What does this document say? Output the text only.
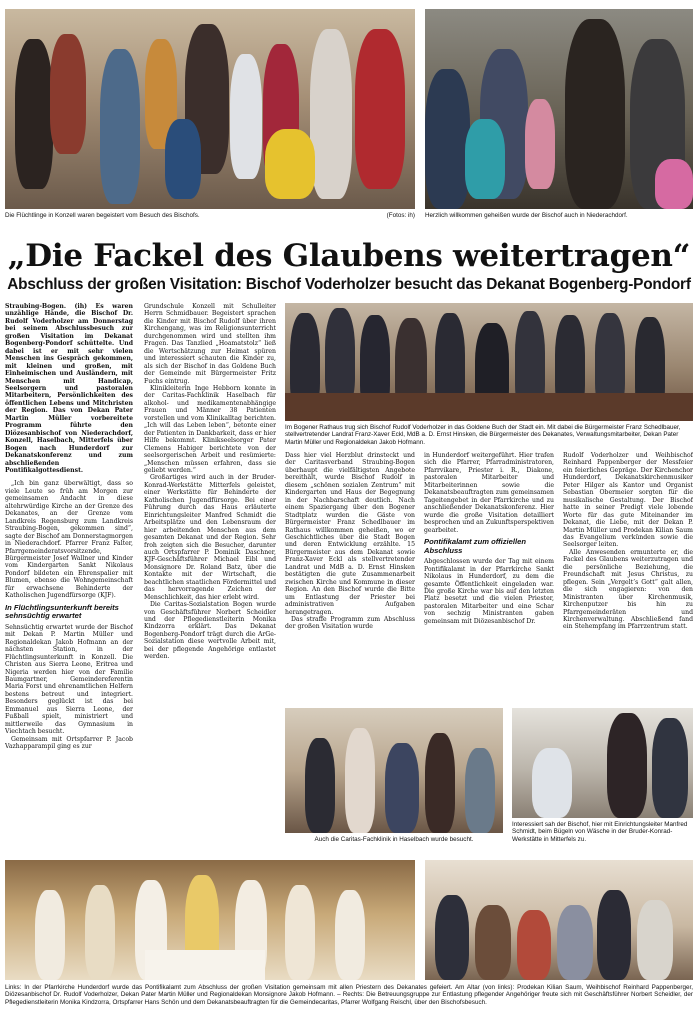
Die Flüchtlinge in Konzell waren begeistert vom Besuch des Bischofs.	(Fotos: ih) Herzlich willkommen geheißen wurde der Bischof auch in Niederachdorf.
„Die Fackel des Glaubens weitertragen“
Abschluss der großen Visitation: Bischof Voderholzer besucht das Dekanat Bogenberg-Pondorf

Straubing-Bogen. (ih) Es waren unzählige Hände, die Bischof Dr. Rudolf Voderholzer am Donnerstag bei seinem Abschlussbesuch zur großen Visitation im Dekanat Bogenberg-Pondorf schüttelte. Und dabei ist er mit sehr vielen Menschen ins Gespräch gekommen, mit kleinen und großen, mit Einheimischen und Ausländern, mit Menschen mit Handicap, Seelsorgern und pastoralen Mitarbeitern, Persönlichkeiten des öffentlichen Lebens und Mitchristen der Region. Das von Dekan Pater Martin Müller vorbereitete Programm führte den Diözesanbischof von Niederachdorf, Konzell, Haselbach, Mitterfels über Bogen nach Hunderdorf zur Dekanatskonferenz und zum abschließenden Pontifikalgottesdienst.

„Ich bin ganz überwältigt, dass so viele Leute so früh am Morgen zur gemeinsamen Andacht in diese altehrwürdige Kirche an der Grenze des Dekanates, an der Grenze vom Landkreis Regensburg zum Landkreis Straubing-Bogen, gekommen sind“, sagte der Bischof am Donnerstagmorgen in Niederachdorf. Pfarrer Franz Falter, Pfarrgemeinderatsvorsitzende, Bürgermeister Josef Wallner und Kinder vom Kindergarten Sankt Nikolaus Pondorf bildeten ein Ehrenspalier mit Blumen, ebenso die Wohngemeinschaft für erwachsene Behinderte der Katholischen Jugendfürsorge (KJF).

In Flüchtlingsunterkunft bereits sehnsüchtig erwartet

Sehnsüchtig erwartet wurde der Bischof mit Dekan P. Martin Müller und Regionaldekan Jakob Hofmann an der nächsten Station, in der Flüchtlingsunterkunft in Konzell. Die Christen aus Sierra Leone, Eritrea und Nigeria werden hier von der Familie Baumgartner, Gemeindereferentin Maria Forst und ehrenamtlichen Helfern bestens betreut und integriert. Besonders geglückt ist das bei Emmanuel aus Sierra Leone, der Fußball spielt, ministriert und mittlerweile das Gymnasium in Viechtach besucht.

Gemeinsam mit Ortspfarrer P. Jacob Vazhapparampil ging es zur

Grundschule Konzell mit Schulleiter Herrn Schmidbauer. Begeistert sprachen die Kinder mit Bischof Rudolf über ihren Kirchengang, was im Religionsunterricht durchgenommen wird und stellten ihm Fragen. Das Tanzlied „Hoamatstolz“ ließ die Wertschätzung zur Heimat spüren und interessiert schauten die Kinder zu, als sich der Bischof in das Goldene Buch der Gemeinde mit Bürgermeister Fritz Fuchs eintrug.

Klinikleiterin Inge Hebborn konnte in der Caritas-Fachklinik Haselbach für alkohol- und medikamentenabhängige Frauen und Männer 38 Patienten vorstellen und vom Klinikalltag berichten. „Ich will das Leben leben“, betonte einer der Patienten in Dankbarkeit, dass er hier Hilfe bekommt. Klinikseelsorger Pater Clemens Habiger berichtete von der seelsorgerischen Arbeit und resümierte: „Menschen müssen erfahren, dass sie geliebt werden.“

Großartiges wird auch in der Bruder-Konrad-Werkstätte Mitterfels geleistet, einer Werkstätte für Behinderte der Katholischen Jugendfürsorge. Bei einer Führung durch das Haus erläuterte Einrichtungsleiter Manfred Schmidt die Arbeitsplätze und den Lebensraum der hier arbeitenden Menschen aus dem gesamten Dekanat und der Region. Sehr froh zeigten sich die Besucher, darunter auch Ortspfarrer P. Dominik Daschner, KJF-Geschäftsführer Michael Eibl und Monsignore Dr. Roland Batz, über die Kontakte mit der Wirtschaft, die beachtlichen staatlichen Fördermittel und das hervorragende Zeichen der Menschlichkeit, das hier erlebt wird.

Die Caritas-Sozialstation Bogen wurde von Geschäftsführer Norbert Scheidler und der Pflegedienstleiterin Monika Kindzorra erklärt. Das Dekanat Bogenberg-Pondorf trägt durch die ArGe-Sozialstation diese wertvolle Arbeit mit, bei der pflegende Angehörige entlastet werden.

Im Bogener Rathaus trug sich Bischof Rudolf Voderholzer in das Goldene Buch der Stadt ein. Mit dabei die Bürgermeister Franz Schedlbauer, stellvertretender Landrat Franz-Xaver Eckl, MdB a. D. Ernst Hinsken, die Bürgermeister des Dekanates, Verwaltungsmitarbeiter, Dekan Pater Martin Müller und Regionaldekan Jakob Hofmann.

Dass hier viel Herzblut drinsteckt und der Caritasverband Straubing-Bogen überhaupt die vielfältigsten Angebote bereithält, wurde Bischof Rudolf in diesem „schönen sozialen Zentrum“ mit Kindergarten und Haus der Begegnung in der Nachbarschaft deutlich. Nach einem Spaziergang über den Bogener Stadtplatz wurden die Gäste von Bürgermeister Franz Schedlbauer im Rathaus willkommen geheißen, wo er Geschichtliches über die Stadt Bogen und deren Entwicklung erzählte. 15 Bürgermeister aus dem Dekanat sowie Franz-Xaver Eckl als stellvertretender Landrat und MdB a. D. Ernst Hinsken bestätigten die gute Zusammenarbeit zwischen Kirche und Kommune in dieser Region. An den Bischof wurde die Bitte um Entlastung der Priester bei administrativen Aufgaben herangetragen.

Das straffe Programm zum Abschluss der großen Visitation wurde

in Hunderdorf weitergeführt. Hier trafen sich die Pfarrer, Pfarradministratoren, Pfarrvikare, Priester i. R., Diakone, pastoralen Mitarbeiter und Mitarbeiterinnen sowie die Dekanatsbeauftragten zum gemeinsamen Tageitengebet in der Pfarrkirche und zu anschließender Dekanatskonferenz. Hier wurde die große Visitation detailliert besprochen und an Zukunftsperspektiven gearbeitet.

Pontifikalamt zum offiziellen Abschluss

Abgeschlossen wurde der Tag mit einem Pontifikalamt in der Pfarrkirche Sankt Nikolaus in Hunderdorf, zu dem die gesamte Öffentlichkeit eingeladen war. Die große Kirche war bis auf den letzten Platz besetzt und die vielen Priester, pastoralen Mitarbeiter und eine Schar von sechzig Ministranten gaben gemeinsam mit Diözesanbischof Dr.

Rudolf Voderholzer und Weihbischof Reinhard Pappenberger der Messfeier ein feierliches Gepräge. Der Kirchenchor Hunderdorf, Dekanatskirchenmusiker Peter Hilger als Kantor und Organist Sebastian Obermeier sorgten für die musikalische Gestaltung. Der Bischof hatte in seiner Predigt viele lobende Worte für das gute Miteinander im Dekanat, die Liebe, mit der Dekan P. Martin Müller und Prodekan Kilian Saum das Evangelium verkünden sowie die Seelsorger leiten.

Alle Anwesenden ermunterte er, die Fackel des Glaubens weiterzutragen und die persönliche Beziehung, die Freundschaft mit Jesus Christus, zu pflegen. Sein „Vergelt’s Gott“ galt allen, die sich engagieren: von den Ministranten über Kirchenmusik, Kirchenputzer bis hin zu Pfarrgemeinderäten und Kirchenverwaltung. Abschließend fand ein Stehempfang im Pfarrzentrum statt.

Auch die Caritas-Fachklinik in Haselbach wurde besucht.
Interessiert sah der Bischof, hier mit Einrichtungsleiter Manfred Schmidt, beim Bügeln von Wäsche in der Bruder-Konrad-Werkstätte in Mitterfels zu.
Links: In der Pfarrkirche Hunderdorf wurde das Pontifikalamt zum Abschluss der großen Visitation gemeinsam mit allen Priestern des Dekanates gefeiert. Am Altar (von links): Prodekan Kilian Saum, Weihbischof Reinhard Pappenberger, Diözesanbischof Dr. Rudolf Voderholzer, Dekan Pater Martin Müller und Regionaldekan Monsignore Jakob Hofmann. – Rechts: Die Betreuungsgruppe zur Entlastung pflegender Angehöriger freute sich mit Geschäftsführer Norbert Scheidler, der Pflegedienstleiterin Monika Kindzorra, Ortspfarrer Hans Schön und dem Dekanatsbeauftragten für die Gemeindecaritas, Pfarrer Wolfgang Reischl, über den Bischofsbesuch.
